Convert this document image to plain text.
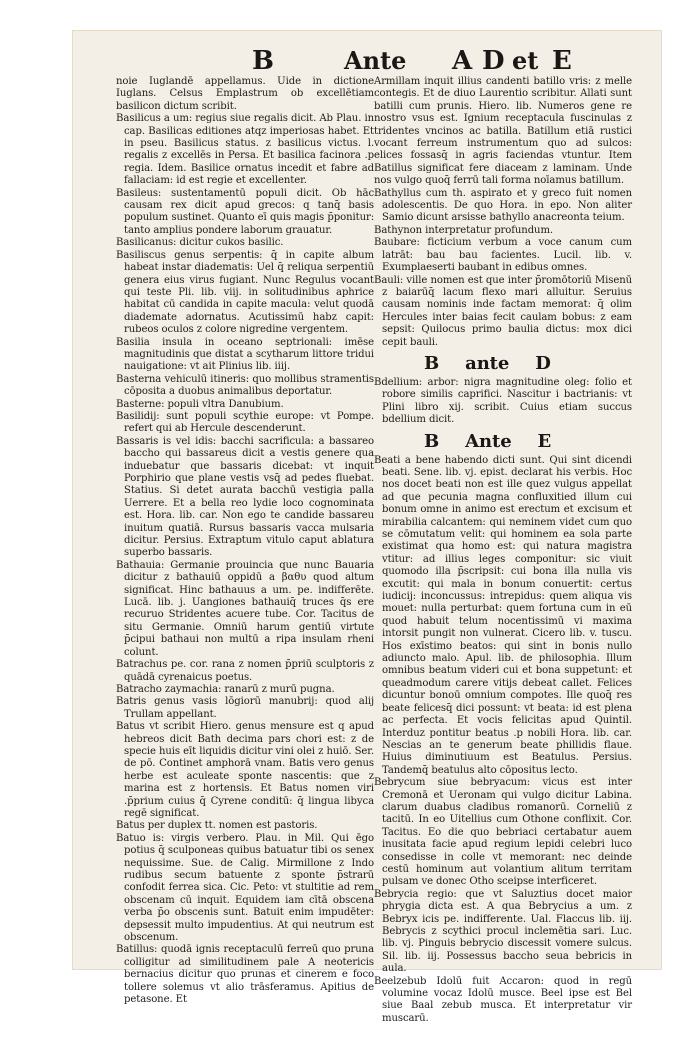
B	Ante A D et E

noie Iuglandē appellamus. Uide in dictione Iuglans. Celsus Emplastrum ob excellētiam basilicon dictum scribit.

Basilicus a um: regius siue regalis dicit. Ab Plau. in cap. Basilicas editiones atqz imperiosas habet. Et in pseu. Basilicus status. z basilicus victus. l. regalis z excellēs in Persa. Et basilica facinora .p regia. Idem. Basilice ornatus incedit et fabre ad fallaciam: id est regie et excellenter.

Basileus: sustentamentū populi dicit. Ob hāc causam rex dicit apud grecos: q tanq̄ basis populum sustinet. Quanto eī quis magis p̄ponitur: tanto amplius pondere laborum grauatur.

Basilicanus: dicitur cukos basilic.

Basiliscus genus serpentis: q̄ in capite album habeat instar diadematis: Uel q̄ reliqua serpentiū genera eius virus fugiant. Nunc Regulus vocant qui teste Pli. lib. viij. in solitudinibus aphrice habitat cū candida in capite macula: velut quodā diademate adornatus. Acutissimū habz capit: rubeos oculos z colore nigredine vergentem.

Basilia insula in oceano septrionali: imēse magnitudinis que distat a scytharum littore tridui nauigatione: vt ait Plinius lib. iiij.

Basterna vehiculū itineris: quo mollibus stramentis cōposita a duobus animalibus deportatur.

Basterne: populi vltra Danubium.

Basilidij: sunt populi scythie europe: vt Pompe. refert qui ab Hercule descenderunt.

Bassaris is vel idis: bacchi sacrificula: a bassareo baccho qui bassareus dicit a vestis genere qua induebatur que bassaris dicebat: vt inquit Porphirio que plane vestis vsq̄ ad pedes fluebat. Statius. Si detet aurata bacchū vestigia palla Uerrere. Et a bella reo lydie loco cognominata est. Hora. lib. car. Non ego te candide bassareu inuitum quatiā. Rursus bassaris vacca mulsaria dicitur. Persius. Extraptum vitulo caput ablatura superbo bassaris.

Bathauia: Germanie prouincia que nunc Bauaria dicitur z bathauiū oppidū a βαθυ quod altum significat. Hinc bathauus a um. pe. indifferēte. Lucā. lib. j. Uangiones bathauiq̄ truces q̄s ere recuruo Stridentes acuere tube. Cor. Tacitus de situ Germanie. Omniū harum gentiū virtute p̄cipui bathaui non multū a ripa insulam rheni colunt.

Batrachus pe. cor. rana z nomen p̄priū sculptoris z quādā cyrenaicus poetus.

Batracho zaymachia: ranarū z murū pugna.

Batris genus vasis lōgiorū manubrij: quod alij Trullam appellant.

Batus vt scribit Hiero. genus mensure est q apud hebreos dicit Bath decima pars chori est: z de specie huis eīt liquidis dicitur vini olei z huiō. Ser. de pō. Continet amphorā vnam. Batis vero genus herbe est aculeate sponte nascentis: que z marina est z hortensis. Et Batus nomen viri .p̄prium cuius q̄ Cyrene conditū: q̄ lingua libyca regē significat.

Batus per duplex tt. nomen est pastoris.

Batuo is: virgis verbero. Plau. in Mil. Qui ēgo potius q̄ sculponeas quibus batuatur tibi os senex nequissime. Sue. de Calig. Mirmillone z Indo rudibus secum batuente z sponte p̄strarū confodit ferrea sica. Cic. Peto: vt stultitie ad rem obscenam cū inquit. Equidem iam cītā obscena verba p̄o obscenis sunt. Batuit enim impudēter: depsessit multo impudentius. At qui neutrum est obscenum.

Batillus: quodā ignis receptaculū ferreū quo pruna colligitur ad similitudinem pale A neotericis bernacius dicitur quo prunas et cinerem e foco tollere solemus vt alio trāsferamus. Apitius de petasone. Et

Armillam inquit illius candenti batillo vris: z melle contegis. Et de diuo Laurentio scribitur. Allati sunt batilli cum prunis. Hiero. lib. Numeros gene re nostro vsus est. Ignium receptacula fuscinulas z tridentes vncinos ac batilla. Batillum etiā rustici vocant ferreum instrumentum quo ad sulcos: elices fossasq̄ in agris faciendas vtuntur. Item Batillus significat fere diaceam z laminam. Unde nos vulgo quoq̄ ferrū tali forma noīamus batillum.

Bathyllus cum th. aspirato et y greco fuit nomen adolescentis. De quo Hora. in epo. Non aliter Samio dicunt arsisse bathyllo anacreonta teium.

Bathynon interpretatur profundum.

Baubare: ficticium verbum a voce canum cum latrāt: bau bau facientes. Lucil. lib. v. Exumplaeserti baubant in edibus omnes.

Bauli: ville nomen est que inter p̄romōtoriū Misenū z baiarūq̄ lacum flexo mari alluitur. Seruius causam nominis inde factam memorat: q̄ olim Hercules inter baias fecit caulam bobus: z eam sepsit: Quilocus primo baulia dictus: mox dici cepit bauli.

B ante D

Bdellium: arbor: nigra magnitudine oleg: folio et robore similis caprifici. Nascitur i bactrianis: vt Plini libro xij. scribit. Cuius etiam succus bdellium dicit.

B Ante E

Beati a bene habendo dicti sunt. Qui sint dicendi beati. Sene. lib. vj. epist. declarat his verbis. Hoc nos docet beati non est ille quez vulgus appellat ad que pecunia magna confluxitied illum cui bonum omne in animo est erectum et excisum et mirabilia calcantem: qui neminem videt cum quo se cōmutatum velit: qui hominem ea sola parte existimat qua homo est: qui natura magistra vtitur: ad illius leges componitur: sic viuit quomodo illa p̄scripsit: cui bona illa nulla vis excutit: qui mala in bonum conuertit: certus iudicij: inconcussus: intrepidus: quem aliqua vis mouet: nulla perturbat: quem fortuna cum in eū quod habuit telum nocentissimū vi maxima intorsit pungit non vulnerat. Cicero lib. v. tuscu. Hos exīstimo beatos: qui sint in bonis nullo adiuncto malo. Apul. lib. de philosophia. Illum omnibus beatum videri cui et bona suppetunt: et queadmodum carere vitijs debeat callet. Felices dicuntur bonoū omnium compotes. Ille quoq̄ res beate felicesq̄ dici possunt: vt beata: id est plena ac perfecta. Et vocis felicitas apud Quintil. Interduz pontitur beatus .p nobili Hora. lib. car. Nescias an te generum beate phillidis flaue. Huius diminutiuum est Beatulus. Persius. Tandemq̄ beatulus alto cōpositus lecto.

Bebrycum siue bebryacum: vicus est inter Cremonā et Ueronam qui vulgo dicitur Labina. clarum duabus cladibus romanorū. Corneliū z tacitū. In eo Uitellius cum Othone conflixit. Cor. Tacitus. Eo die quo bebriaci certabatur auem inusitata facie apud regium lepidi celebri luco consedisse in colle vt memorant: nec deinde cestū hominum aut volantium alitum territam pulsam ve donec Otho sceipse interficeret.

Bebrycia regio: que vt Saluztius docet maior phrygia dicta est. A qua Bebrycius a um. z Bebryx icis pe. indifferente. Ual. Flaccus lib. iij. Bebrycis z scythici procul inclemētia sari. Luc. lib. vj. Pinguis bebrycio discessit vomere sulcus. Sil. lib. iij. Possessus baccho seua bebricis in aula.

Beelzebub Idolū fuit Accaron: quod in regū volumine vocaz Idolū musce. Beel ipse est Bel siue Baal zebub musca. Et interpretatur vir muscarū.
